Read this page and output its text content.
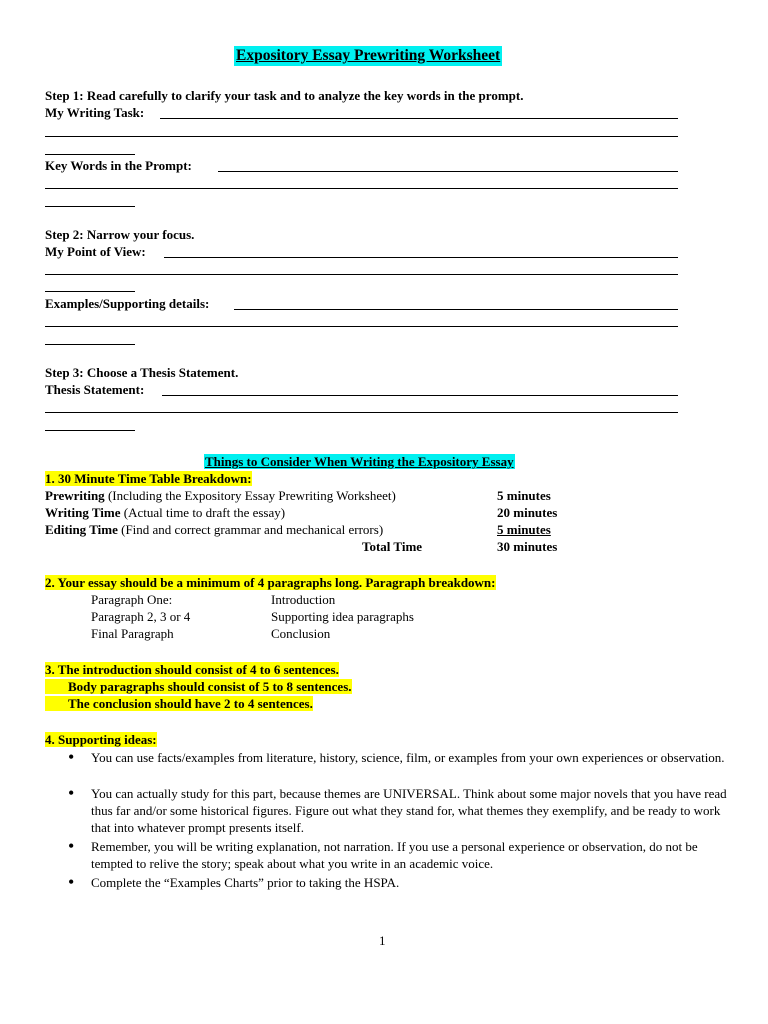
Expository Essay Prewriting Worksheet
Step 1: Read carefully to clarify your task and to analyze the key words in the prompt.
My Writing Task:
Key Words in the Prompt:
Step 2: Narrow your focus.
My Point of View:
Examples/Supporting details:
Step 3: Choose a Thesis Statement.
Thesis Statement:
Things to Consider When Writing the Expository Essay
1. 30 Minute Time Table Breakdown:
Prewriting (Including the Expository Essay Prewriting Worksheet)	5 minutes
Writing Time (Actual time to draft the essay)	20 minutes
Editing Time (Find and correct grammar and mechanical errors)	5 minutes
Total Time	30 minutes
2. Your essay should be a minimum of 4 paragraphs long. Paragraph breakdown:
Paragraph One:	Introduction
Paragraph 2, 3 or 4	Supporting idea paragraphs
Final Paragraph	Conclusion
3. The introduction should consist of 4 to 6 sentences.
Body paragraphs should consist of 5 to 8 sentences.
The conclusion should have 2 to 4 sentences.
4. Supporting ideas:
• You can use facts/examples from literature, history, science, film, or examples from your own experiences or observation.
• You can actually study for this part, because themes are UNIVERSAL. Think about some major novels that you have read thus far and/or some historical figures. Figure out what they stand for, what themes they exemplify, and be ready to work that into whatever prompt presents itself.
• Remember, you will be writing explanation, not narration. If you use a personal experience or observation, do not be tempted to relive the story; speak about what you write in an academic voice.
• Complete the “Examples Charts” prior to taking the HSPA.
1
